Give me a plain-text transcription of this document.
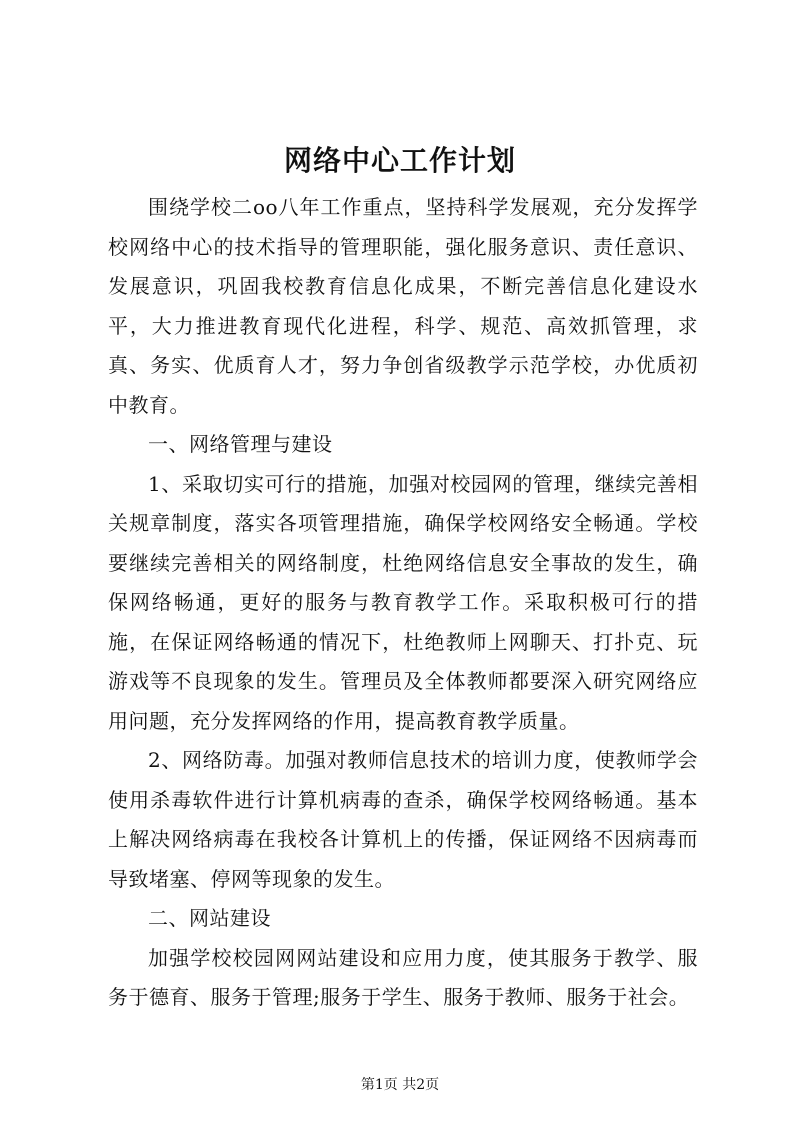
网络中心工作计划

围绕学校二oo八年工作重点，坚持科学发展观，充分发挥学校网络中心的技术指导的管理职能，强化服务意识、责任意识、发展意识，巩固我校教育信息化成果，不断完善信息化建设水平，大力推进教育现代化进程，科学、规范、高效抓管理，求真、务实、优质育人才，努力争创省级教学示范学校，办优质初中教育。

一、网络管理与建设

1、采取切实可行的措施，加强对校园网的管理，继续完善相关规章制度，落实各项管理措施，确保学校网络安全畅通。学校要继续完善相关的网络制度，杜绝网络信息安全事故的发生，确保网络畅通，更好的服务与教育教学工作。采取积极可行的措施，在保证网络畅通的情况下，杜绝教师上网聊天、打扑克、玩游戏等不良现象的发生。管理员及全体教师都要深入研究网络应用问题，充分发挥网络的作用，提高教育教学质量。

2、网络防毒。加强对教师信息技术的培训力度，使教师学会使用杀毒软件进行计算机病毒的查杀，确保学校网络畅通。基本上解决网络病毒在我校各计算机上的传播，保证网络不因病毒而导致堵塞、停网等现象的发生。

二、网站建设

加强学校校园网网站建设和应用力度，使其服务于教学、服务于德育、服务于管理;服务于学生、服务于教师、服务于社会。

第1页 共2页
